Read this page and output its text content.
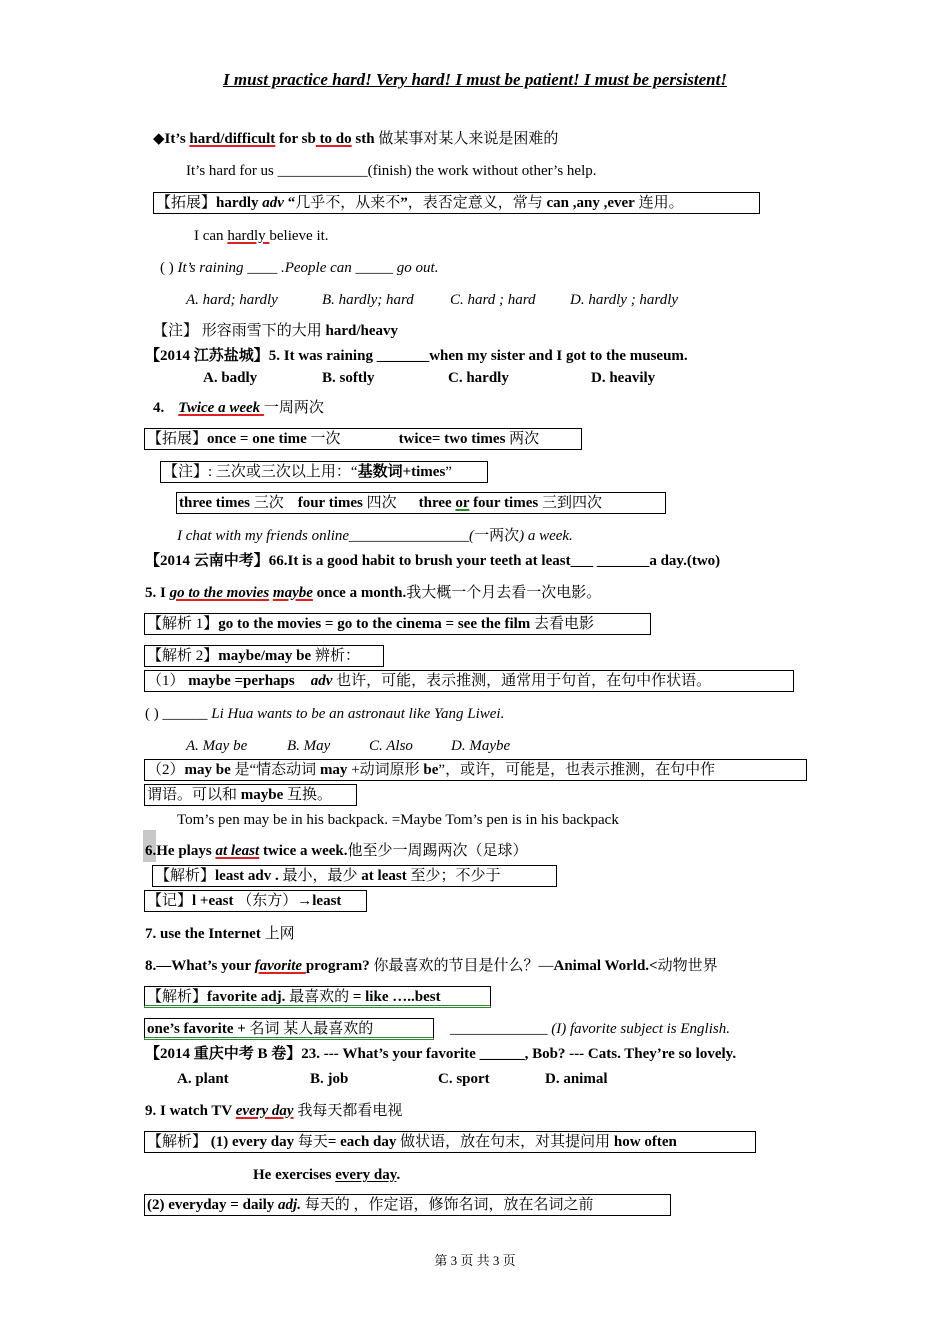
I must practice hard! Very hard! I must be patient! I must be persistent!
◆It’s hard/difficult for sb to do sth 做某事对某人来说是困难的
It’s hard for us ____________(finish) the work without other’s help.
【拓展】hardly adv “几乎不，从来不”，表否定意义，常与 can ,any ,ever 连用。
I can hardly believe it.
( ) It’s raining ____ .People can _____ go out.
A. hard; hardly	B. hardly; hard C. hard ; hard D. hardly ; hardly
【注】 形容雨雪下的大用 hard/heavy
【2014 江苏盐城】5. It was raining _______when my sister and I got to the museum.
A. badly	B. softly	C. hardly	D. heavily
4. Twice a week 一周两次
【拓展】once = one time 一次	twice= two times 两次
【注】: 三次或三次以上用：“基数词+times”
three times 三次 four times 四次 three or four times 三到四次
I chat with my friends online________________(一两次) a week.
【2014 云南中考】66.It is a good habit to brush your teeth at least___ _______a day.(two)
5. I go to the movies maybe once a month.我大概一个月去看一次电影。
【解析 1】go to the movies = go to the cinema = see the film 去看电影
【解析 2】maybe/may be 辨析：
（1） maybe =perhaps adv 也许，可能，表示推测，通常用于句首，在句中作状语。
( ) ______ Li Hua wants to be an astronaut like Yang Liwei.
A. May be	B. May	C. Also	D. Maybe
（2）may be 是“情态动词 may +动词原形 be”，或许，可能是，也表示推测，在句中作
谓语。可以和 maybe 互换。
Tom’s pen may be in his backpack. =Maybe Tom’s pen is in his backpack
6.He plays at least twice a week.他至少一周踢两次（足球）
【解析】least adv . 最小，最少 at least 至少；不少于
【记】l +east （东方）→least
7. use the Internet 上网
8.—What’s your favorite program? 你最喜欢的节目是什么？—Animal World.<动物世界
【解析】favorite adj. 最喜欢的 = like …..best
one’s favorite + 名词 某人最喜欢的	_____________ (I) favorite subject is English.
【2014 重庆中考 B 卷】23. --- What’s your favorite ______, Bob? --- Cats. They’re so lovely.
A. plant	B. job	C. sport	D. animal
9. I watch TV every day 我每天都看电视
【解析】 (1) every day 每天= each day 做状语，放在句末，对其提问用 how often
He exercises every day.
(2) everyday = daily adj. 每天的 ，作定语，修饰名词，放在名词之前
第 3 页 共 3 页
